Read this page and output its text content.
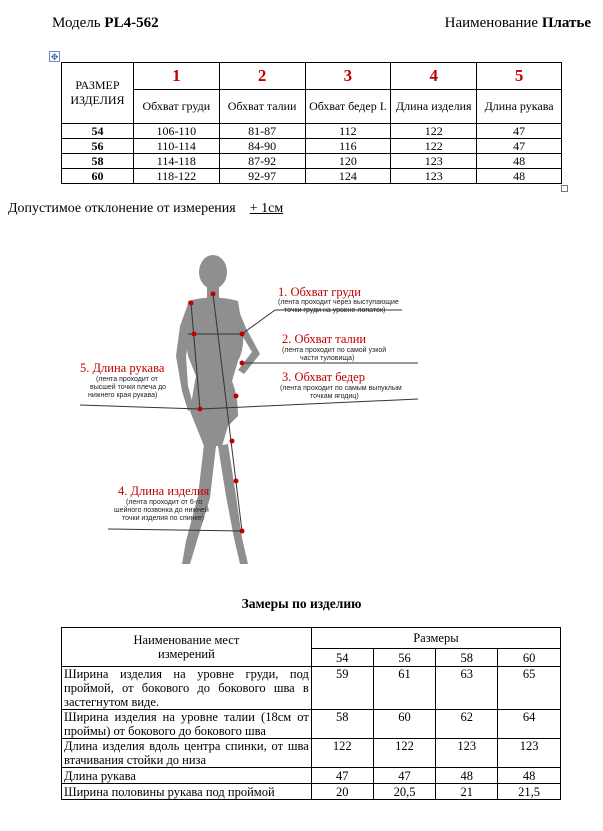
Модель PL4-562	Наименование Платье
✥
РАЗМЕР ИЗДЕЛИЯ	1	2	3	4	5
	Обхват груди	Обхват талии	Обхват бедер I.	Длина изделия	Длина рукава
54	106-110	81-87	112	122	47
56	110-114	84-90	116	122	47
58	114-118	87-92	120	123	48
60	118-122	92-97	124	123	48
Допустимое отклонение от измерения + 1см
1. Обхват груди
(лента проходит через выступающие
точки груди на уровне лопаток)
2. Обхват талии
(лента проходит по самой узкой
части туловища)
3. Обхват бедер
(лента проходит по самым выпуклым
точкам ягодиц)
5. Длина рукава
(лента проходит от
высшей точки плеча до
нижнего края рукава)
4. Длина изделия
(лента проходит от 6-го
шейного позвонка до нижней
точки изделия по спинке)
Замеры по изделию
Наименование мест измерений	Размеры			
	54	56	58	60
Ширина изделия на уровне груди, под проймой, от бокового до бокового шва в застегнутом виде.	59	61	63	65
Ширина изделия на уровне талии (18см от проймы) от бокового до бокового шва	58	60	62	64
Длина изделия вдоль центра спинки, от шва втачивания стойки до низа	122	122	123	123
Длина рукава	47	47	48	48
Ширина половины рукава под проймой	20	20,5	21	21,5
